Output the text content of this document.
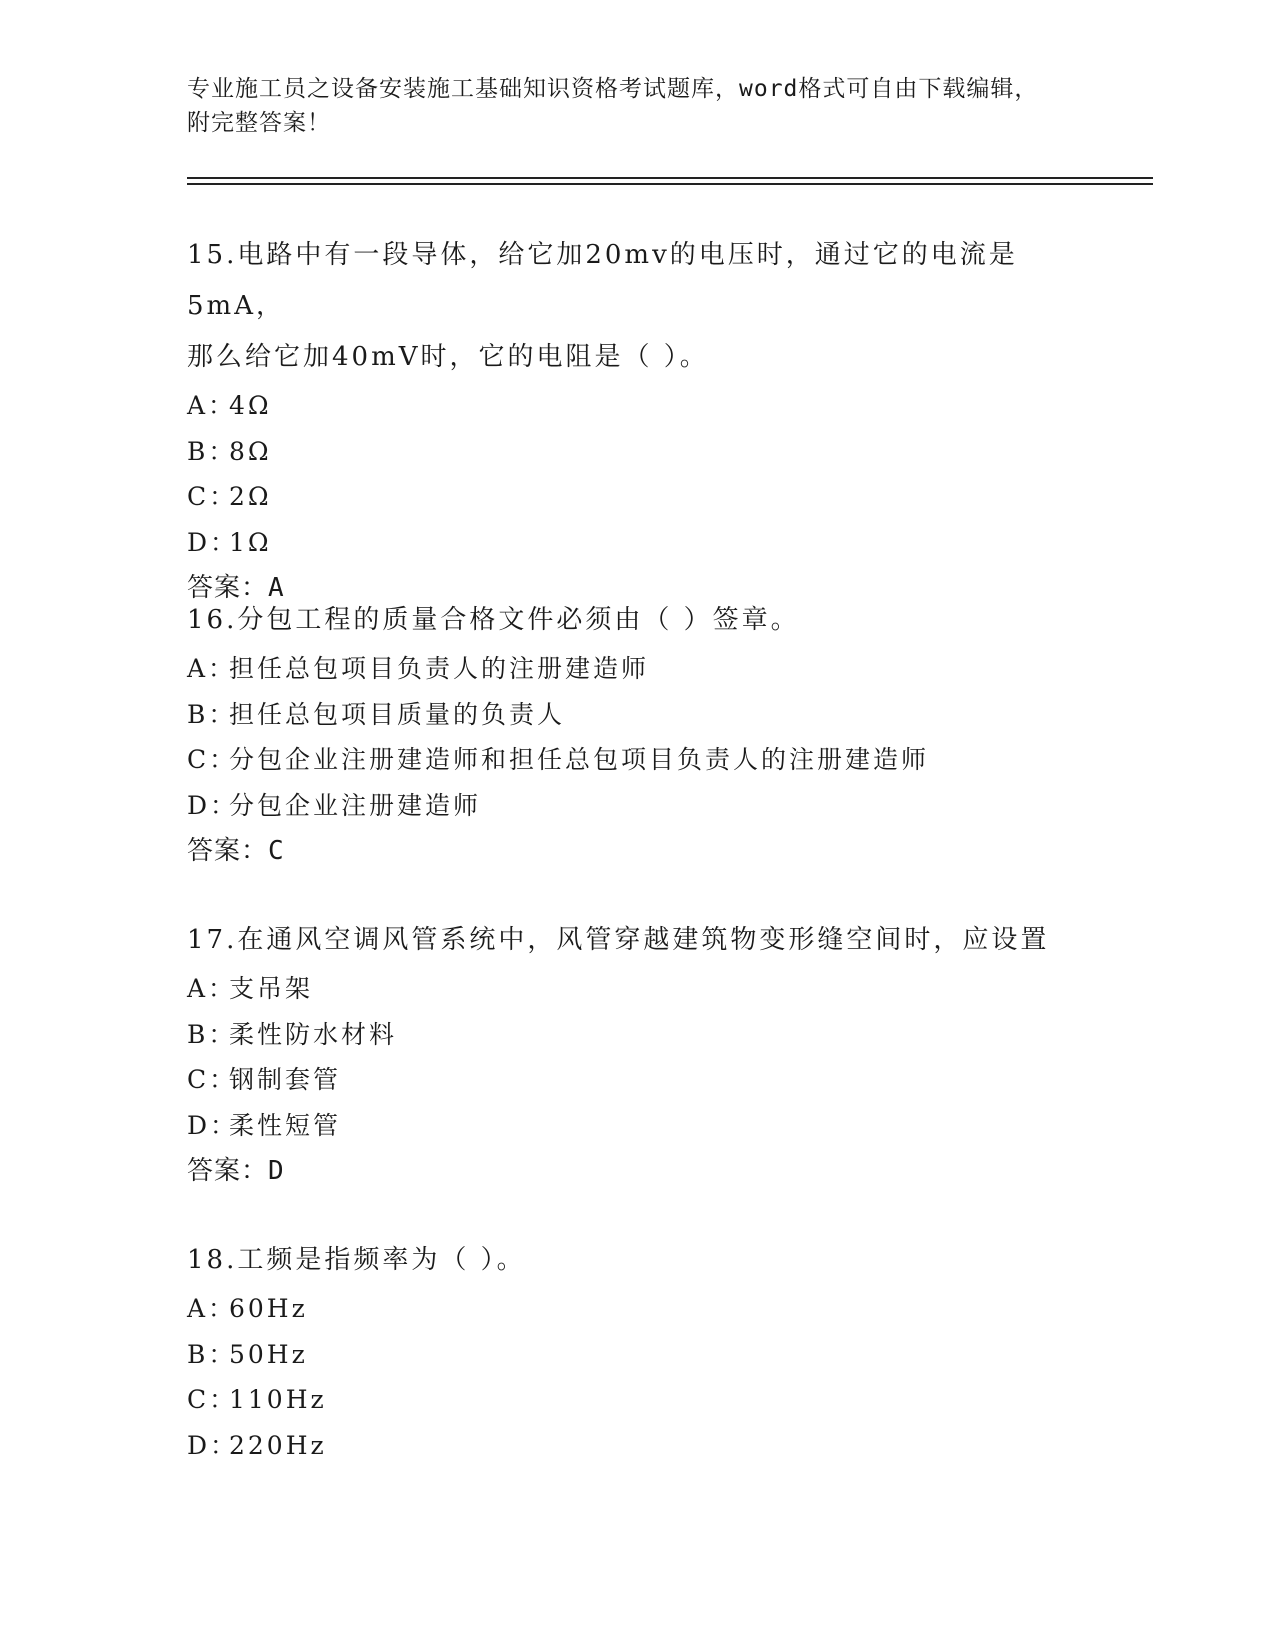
专业施工员之设备安装施工基础知识资格考试题库，word格式可自由下载编辑，
附完整答案！
15.电路中有一段导体，给它加20mv的电压时，通过它的电流是5mA，
那么给它加40mV时，它的电阻是（ ）。
A：
4Ω
B：
8Ω
C：
2Ω
D：
1Ω
答案：A
16.分包工程的质量合格文件必须由（ ）签章。
A：
担任总包项目负责人的注册建造师
B：
担任总包项目质量的负责人
C：
分包企业注册建造师和担任总包项目负责人的注册建造师
D：
分包企业注册建造师
答案：C
17.在通风空调风管系统中，风管穿越建筑物变形缝空间时，应设置
A：
支吊架
B：
柔性防水材料
C：
钢制套管
D：
柔性短管
答案：D
18.工频是指频率为（ ）。
A：
60Hz
B：
50Hz
C：
110Hz
D：
220Hz
